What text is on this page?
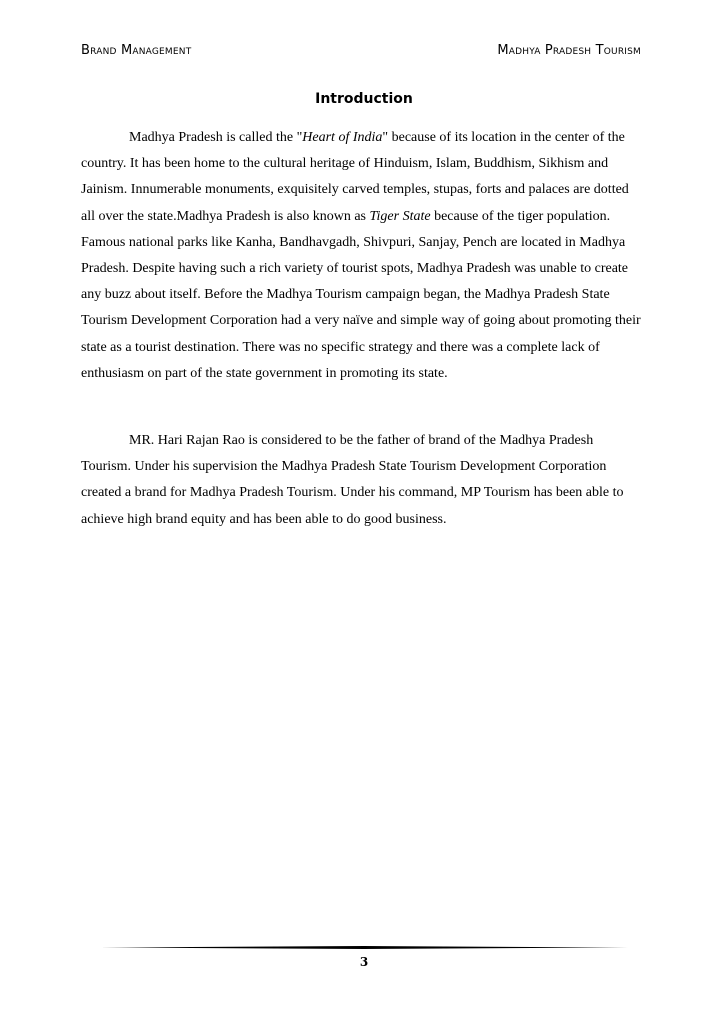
Brand Management	Madhya Pradesh Tourism
Introduction

Madhya Pradesh is called the "Heart of India" because of its location in the center of the country. It has been home to the cultural heritage of Hinduism, Islam, Buddhism, Sikhism and Jainism. Innumerable monuments, exquisitely carved temples, stupas, forts and palaces are dotted all over the state.Madhya Pradesh is also known as Tiger State because of the tiger population. Famous national parks like Kanha, Bandhavgadh, Shivpuri, Sanjay, Pench are located in Madhya Pradesh. Despite having such a rich variety of tourist spots, Madhya Pradesh was unable to create any buzz about itself. Before the Madhya Tourism campaign began, the Madhya Pradesh State Tourism Development Corporation had a very naïve and simple way of going about promoting their state as a tourist destination. There was no specific strategy and there was a complete lack of enthusiasm on part of the state government in promoting its state.

MR. Hari Rajan Rao is considered to be the father of brand of the Madhya Pradesh Tourism. Under his supervision the Madhya Pradesh State Tourism Development Corporation created a brand for Madhya Pradesh Tourism. Under his command, MP Tourism has been able to achieve high brand equity and has been able to do good business.

3
